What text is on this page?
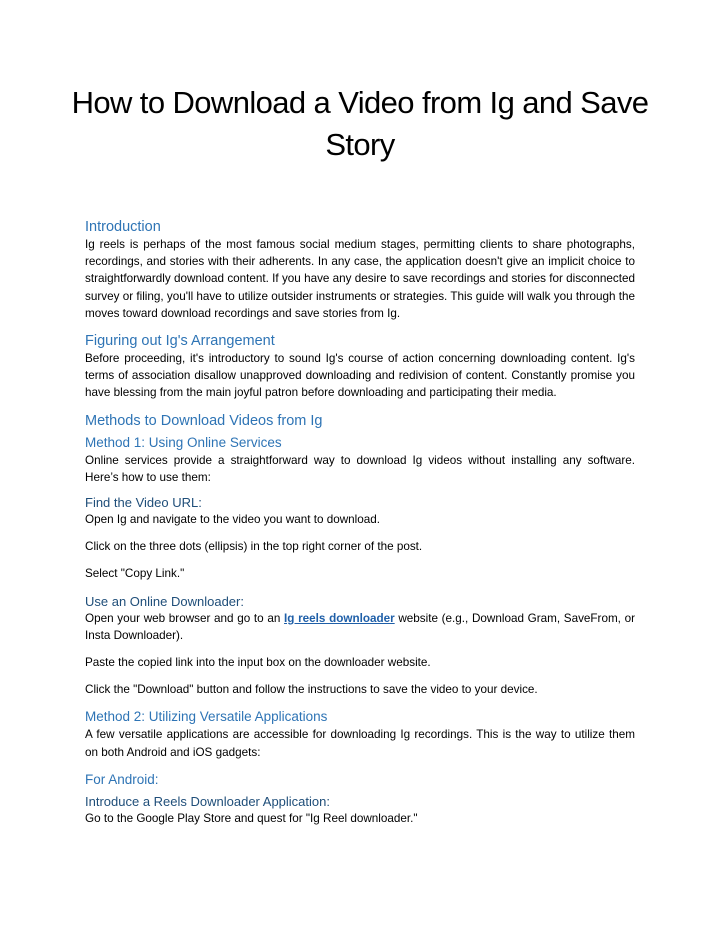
How to Download a Video from Ig and Save Story
Introduction

Ig reels is perhaps of the most famous social medium stages, permitting clients to share photographs, recordings, and stories with their adherents. In any case, the application doesn't give an implicit choice to straightforwardly download content. If you have any desire to save recordings and stories for disconnected survey or filing, you'll have to utilize outsider instruments or strategies. This guide will walk you through the moves toward download recordings and save stories from Ig.

Figuring out Ig's Arrangement

Before proceeding, it's introductory to sound Ig's course of action concerning downloading content. Ig's terms of association disallow unapproved downloading and redivision of content. Constantly promise you have blessing from the main joyful patron before downloading and participating their media.

Methods to Download Videos from Ig
Method 1: Using Online Services

Online services provide a straightforward way to download Ig videos without installing any software. Here’s how to use them:

Find the Video URL:

Open Ig and navigate to the video you want to download.

Click on the three dots (ellipsis) in the top right corner of the post.

Select "Copy Link."

Use an Online Downloader:

Open your web browser and go to an Ig reels downloader website (e.g., Download Gram, SaveFrom, or Insta Downloader).

Paste the copied link into the input box on the downloader website.

Click the "Download" button and follow the instructions to save the video to your device.

Method 2: Utilizing Versatile Applications

A few versatile applications are accessible for downloading Ig recordings. This is the way to utilize them on both Android and iOS gadgets:

For Android:
Introduce a Reels Downloader Application:

Go to the Google Play Store and quest for "Ig Reel downloader."
